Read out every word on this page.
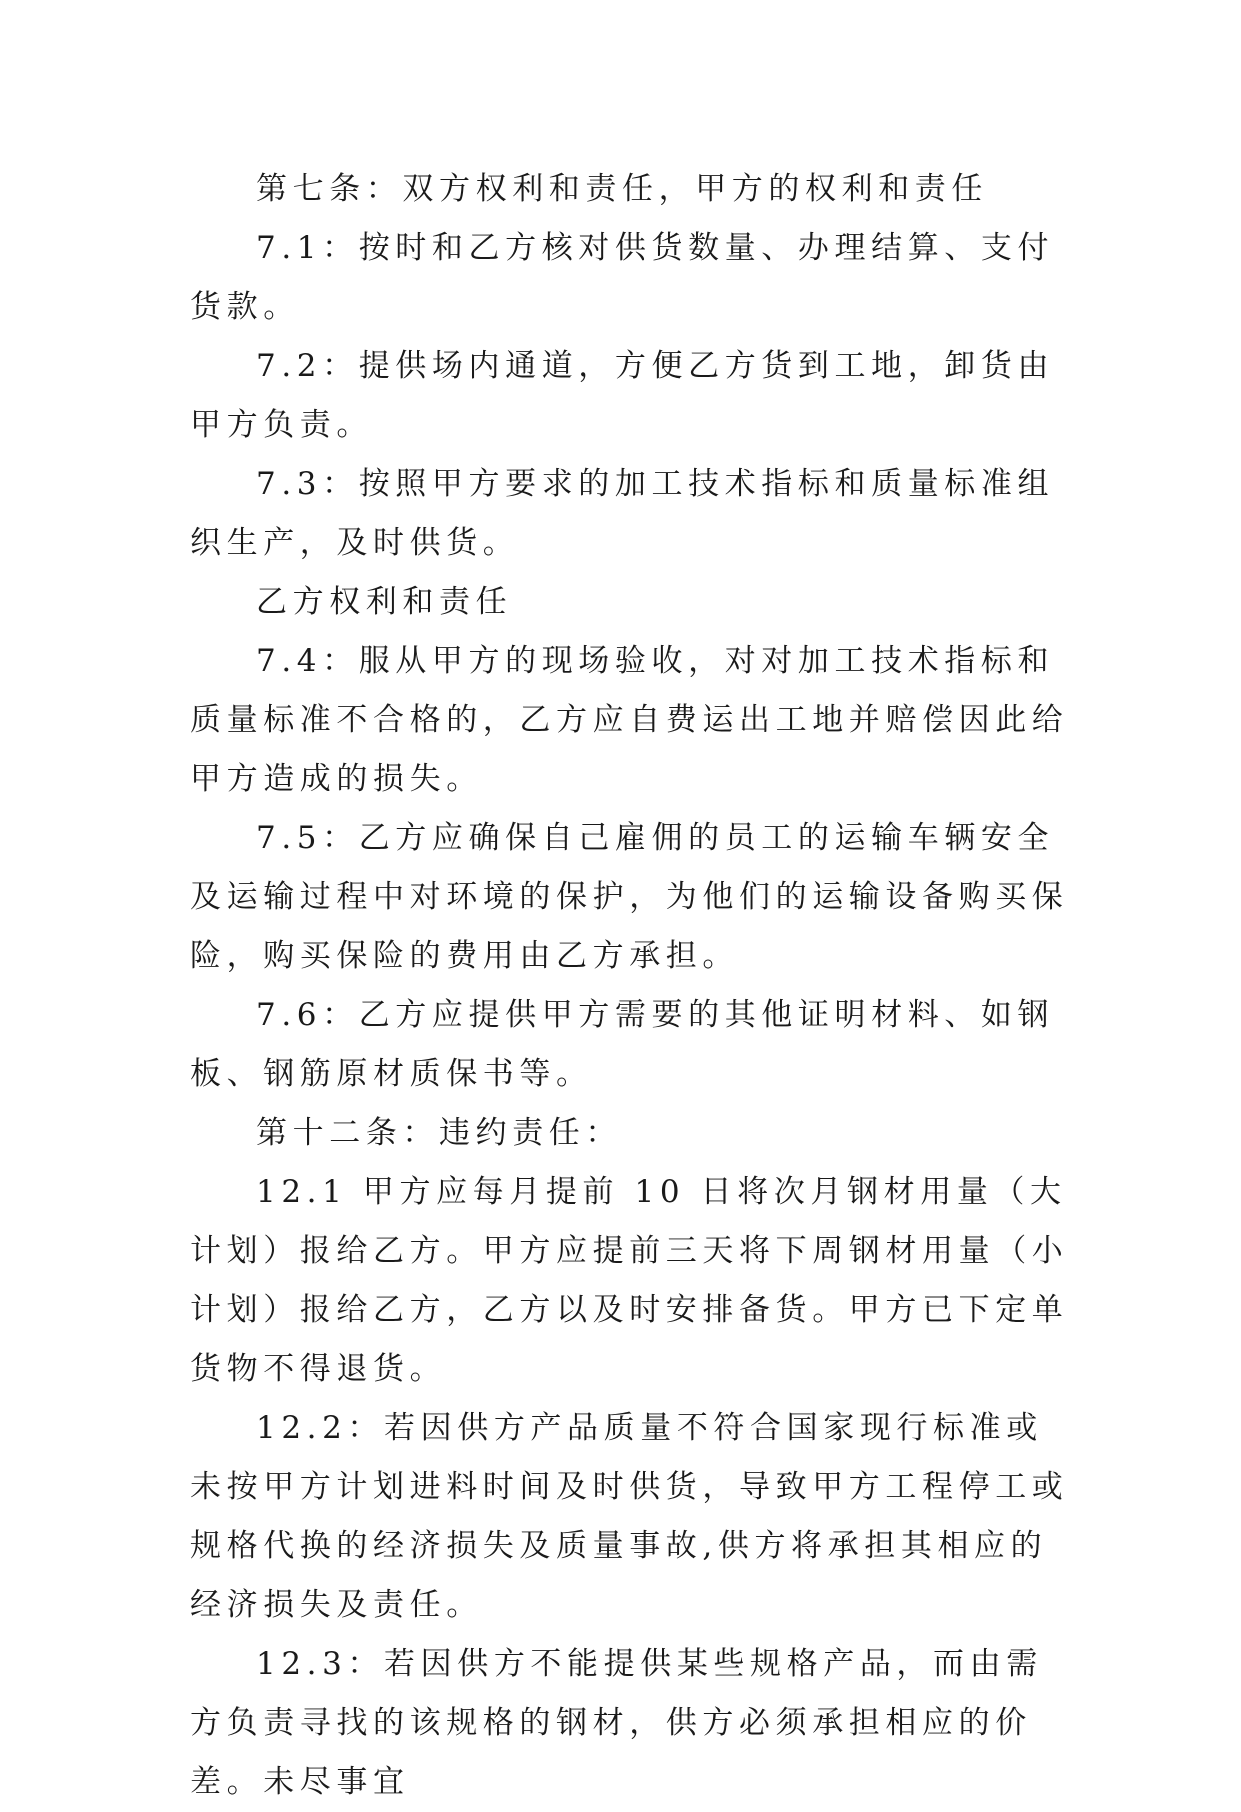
第七条：双方权利和责任，甲方的权利和责任

7.1：按时和乙方核对供货数量、办理结算、支付货款。

7.2：提供场内通道，方便乙方货到工地，卸货由甲方负责。

7.3：按照甲方要求的加工技术指标和质量标准组织生产，及时供货。

乙方权利和责任

7.4：服从甲方的现场验收，对对加工技术指标和质量标准不合格的，乙方应自费运出工地并赔偿因此给甲方造成的损失。

7.5：乙方应确保自己雇佣的员工的运输车辆安全及运输过程中对环境的保护，为他们的运输设备购买保险，购买保险的费用由乙方承担。

7.6：乙方应提供甲方需要的其他证明材料、如钢板、钢筋原材质保书等。

第十二条：违约责任：

12.1 甲方应每月提前 10 日将次月钢材用量（大计划）报给乙方。甲方应提前三天将下周钢材用量（小计划）报给乙方，乙方以及时安排备货。甲方已下定单货物不得退货。

12.2：若因供方产品质量不符合国家现行标准或未按甲方计划进料时间及时供货，导致甲方工程停工或规格代换的经济损失及质量事故,供方将承担其相应的经济损失及责任。

12.3：若因供方不能提供某些规格产品，而由需方负责寻找的该规格的钢材，供方必须承担相应的价差。未尽事宜
